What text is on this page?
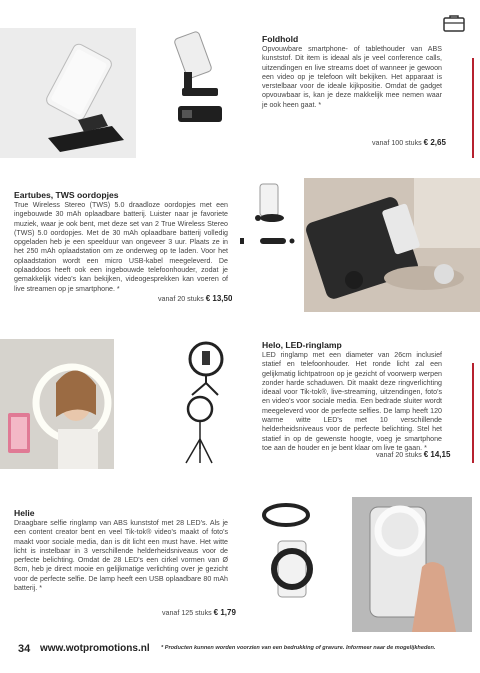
Foldhold
Opvouwbare smartphone- of tablethouder van ABS kunststof. Dit item is ideaal als je veel conference calls, uitzendingen en live streams doet of wanneer je gewoon een video op je telefoon wilt bekijken. Het apparaat is verstelbaar voor de ideale kijkpositie. Omdat de gadget opvouwbaar is, kan je deze makkelijk mee nemen waar je ook heen gaat. *
vanaf 100 stuks € 2,65
Eartubes, TWS oordopjes
True Wireless Stereo (TWS) 5.0 draadloze oordopjes met een ingebouwde 30 mAh oplaadbare batterij. Luister naar je favoriete muziek, waar je ook bent, met deze set van 2 True Wireless Stereo (TWS) 5.0 oordopjes. Met de 30 mAh oplaadbare batterij volledig opgeladen heb je een speelduur van ongeveer 3 uur. Plaats ze in het 250 mAh oplaadstation om ze onderweg op te laden. Voor het oplaadstation wordt een micro USB-kabel meegeleverd. De oplaaddoos heeft ook een ingebouwde telefoonhouder, zodat je gemakkelijk video's kan bekijken, videogesprekken kan voeren of live streamen op je smartphone. *
vanaf 20 stuks € 13,50
Helo, LED-ringlamp
LED ringlamp met een diameter van 26cm inclusief statief en telefoonhouder. Het ronde licht zal een gelijkmatig lichtpatroon op je gezicht of voorwerp werpen zonder harde schaduwen. Dit maakt deze ringverlichting ideaal voor Tik-tok®, live-streaming, uitzendingen, foto's en video's voor sociale media. Een bedrade sluiter wordt meegeleverd voor de perfecte selfies. De lamp heeft 120 warme witte LED's met 10 verschillende helderheidsniveaus voor de perfecte belichting. Stel het statief in op de gewenste hoogte, voeg je smartphone toe aan de houder en je bent klaar om live te gaan. *
vanaf 20 stuks € 14,15
Helie
Draagbare selfie ringlamp van ABS kunststof met 28 LED's. Als je een content creator bent en veel Tik-tok® video's maakt of foto's maakt voor sociale media, dan is dit licht een must have. Het witte licht is instelbaar in 3 verschillende helderheidsniveaus voor de perfecte belichting. Omdat de 28 LED's een cirkel vormen van Ø 8cm, heb je direct mooie en gelijkmatige verlichting over je gezicht voor de perfecte selfie. De lamp heeft een USB oplaadbare 80 mAh batterij. *
vanaf 125 stuks € 1,79
34 www.wotpromotions.nl * Producten kunnen worden voorzien van een bedrukking of gravure. Informeer naar de mogelijkheden.
